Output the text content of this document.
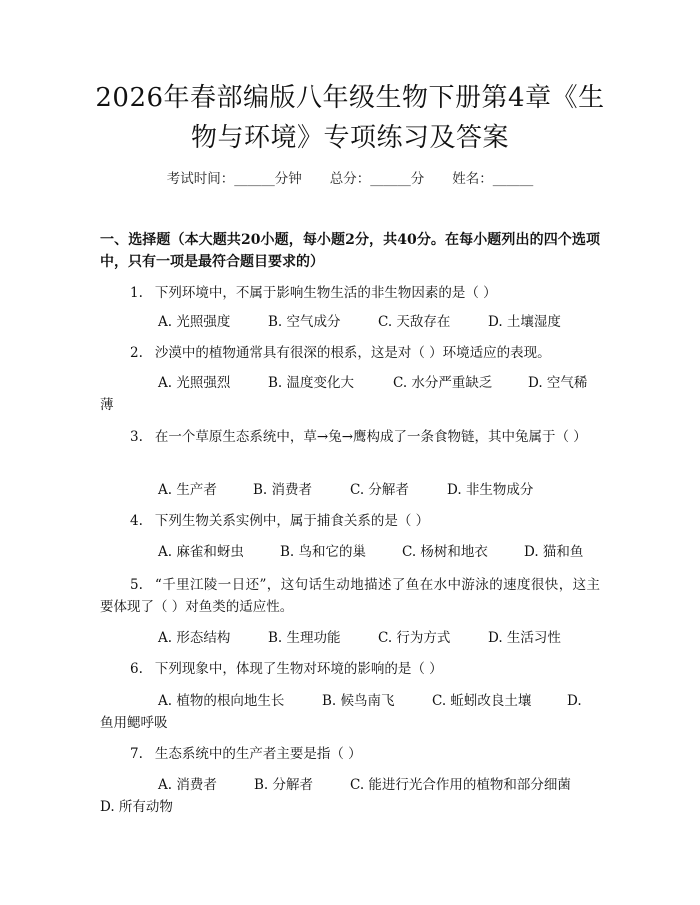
2026年春部编版八年级生物下册第4章《生
物与环境》专项练习及答案
考试时间：______分钟 总分：______分 姓名：______
一、选择题（本大题共20小题，每小题2分，共40分。在每小题列出的四个选项中，只有一项是最符合题目要求的）
1. 下列环境中，不属于影响生物生活的非生物因素的是（ ）
A. 光照强度	B. 空气成分	C. 天敌存在	D. 土壤湿度
2. 沙漠中的植物通常具有很深的根系，这是对（ ）环境适应的表现。
A. 光照强烈	B. 温度变化大	C. 水分严重缺乏	D. 空气稀
薄
3. 在一个草原生态系统中，草→兔→鹰构成了一条食物链，其中兔属于（ ）
A. 生产者	B. 消费者	C. 分解者	D. 非生物成分
4. 下列生物关系实例中，属于捕食关系的是（ ）
A. 麻雀和蚜虫	B. 鸟和它的巢	C. 杨树和地衣	D. 猫和鱼
5. “千里江陵一日还”，这句话生动地描述了鱼在水中游泳的速度很快，这主要体现了（ ）对鱼类的适应性。
A. 形态结构	B. 生理功能	C. 行为方式	D. 生活习性
6. 下列现象中，体现了生物对环境的影响的是（ ）
A. 植物的根向地生长	B. 候鸟南飞	C. 蚯蚓改良土壤	D.
鱼用鳃呼吸
7. 生态系统中的生产者主要是指（ ）
A. 消费者	B. 分解者	C. 能进行光合作用的植物和部分细菌
D. 所有动物
